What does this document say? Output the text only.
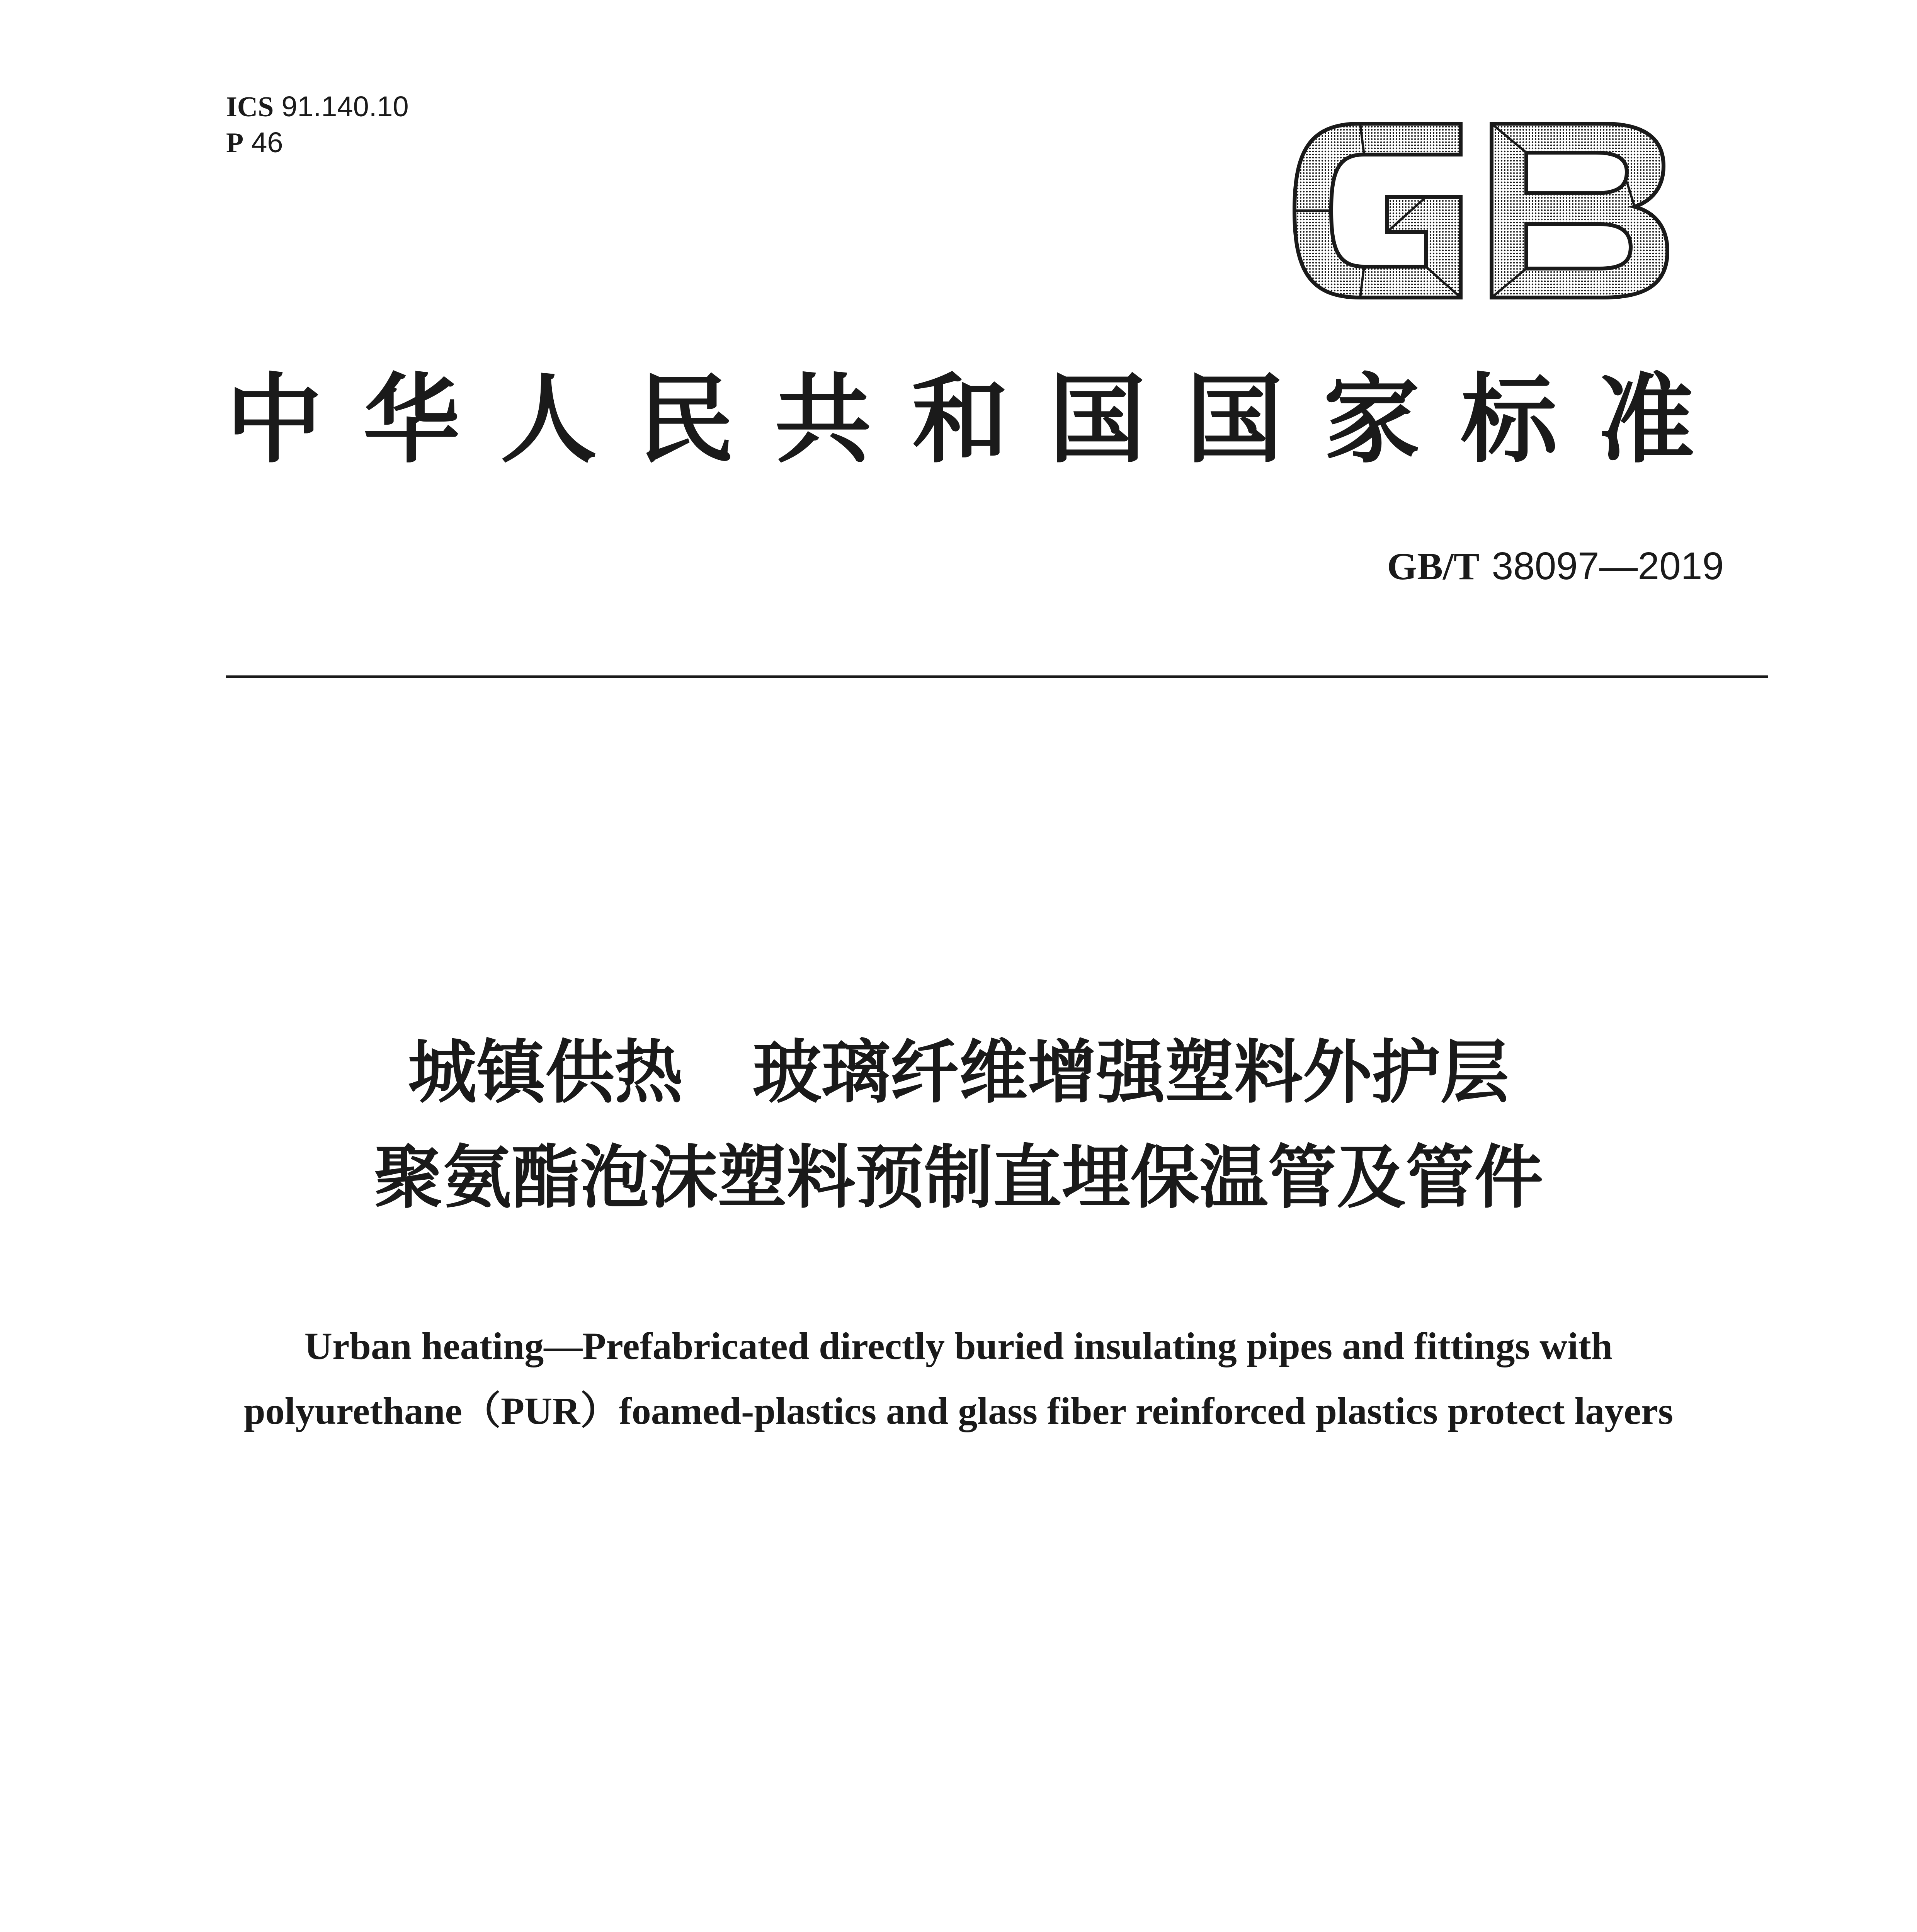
ICS 91.140.10
P 46
中华人民共和国国家标准
GB/T 38097—2019
城镇供热 玻璃纤维增强塑料外护层
聚氨酯泡沫塑料预制直埋保温管及管件
Urban heating—Prefabricated directly buried insulating pipes and fittings with
polyurethane（PUR）foamed-plastics and glass fiber reinforced plastics protect layers
